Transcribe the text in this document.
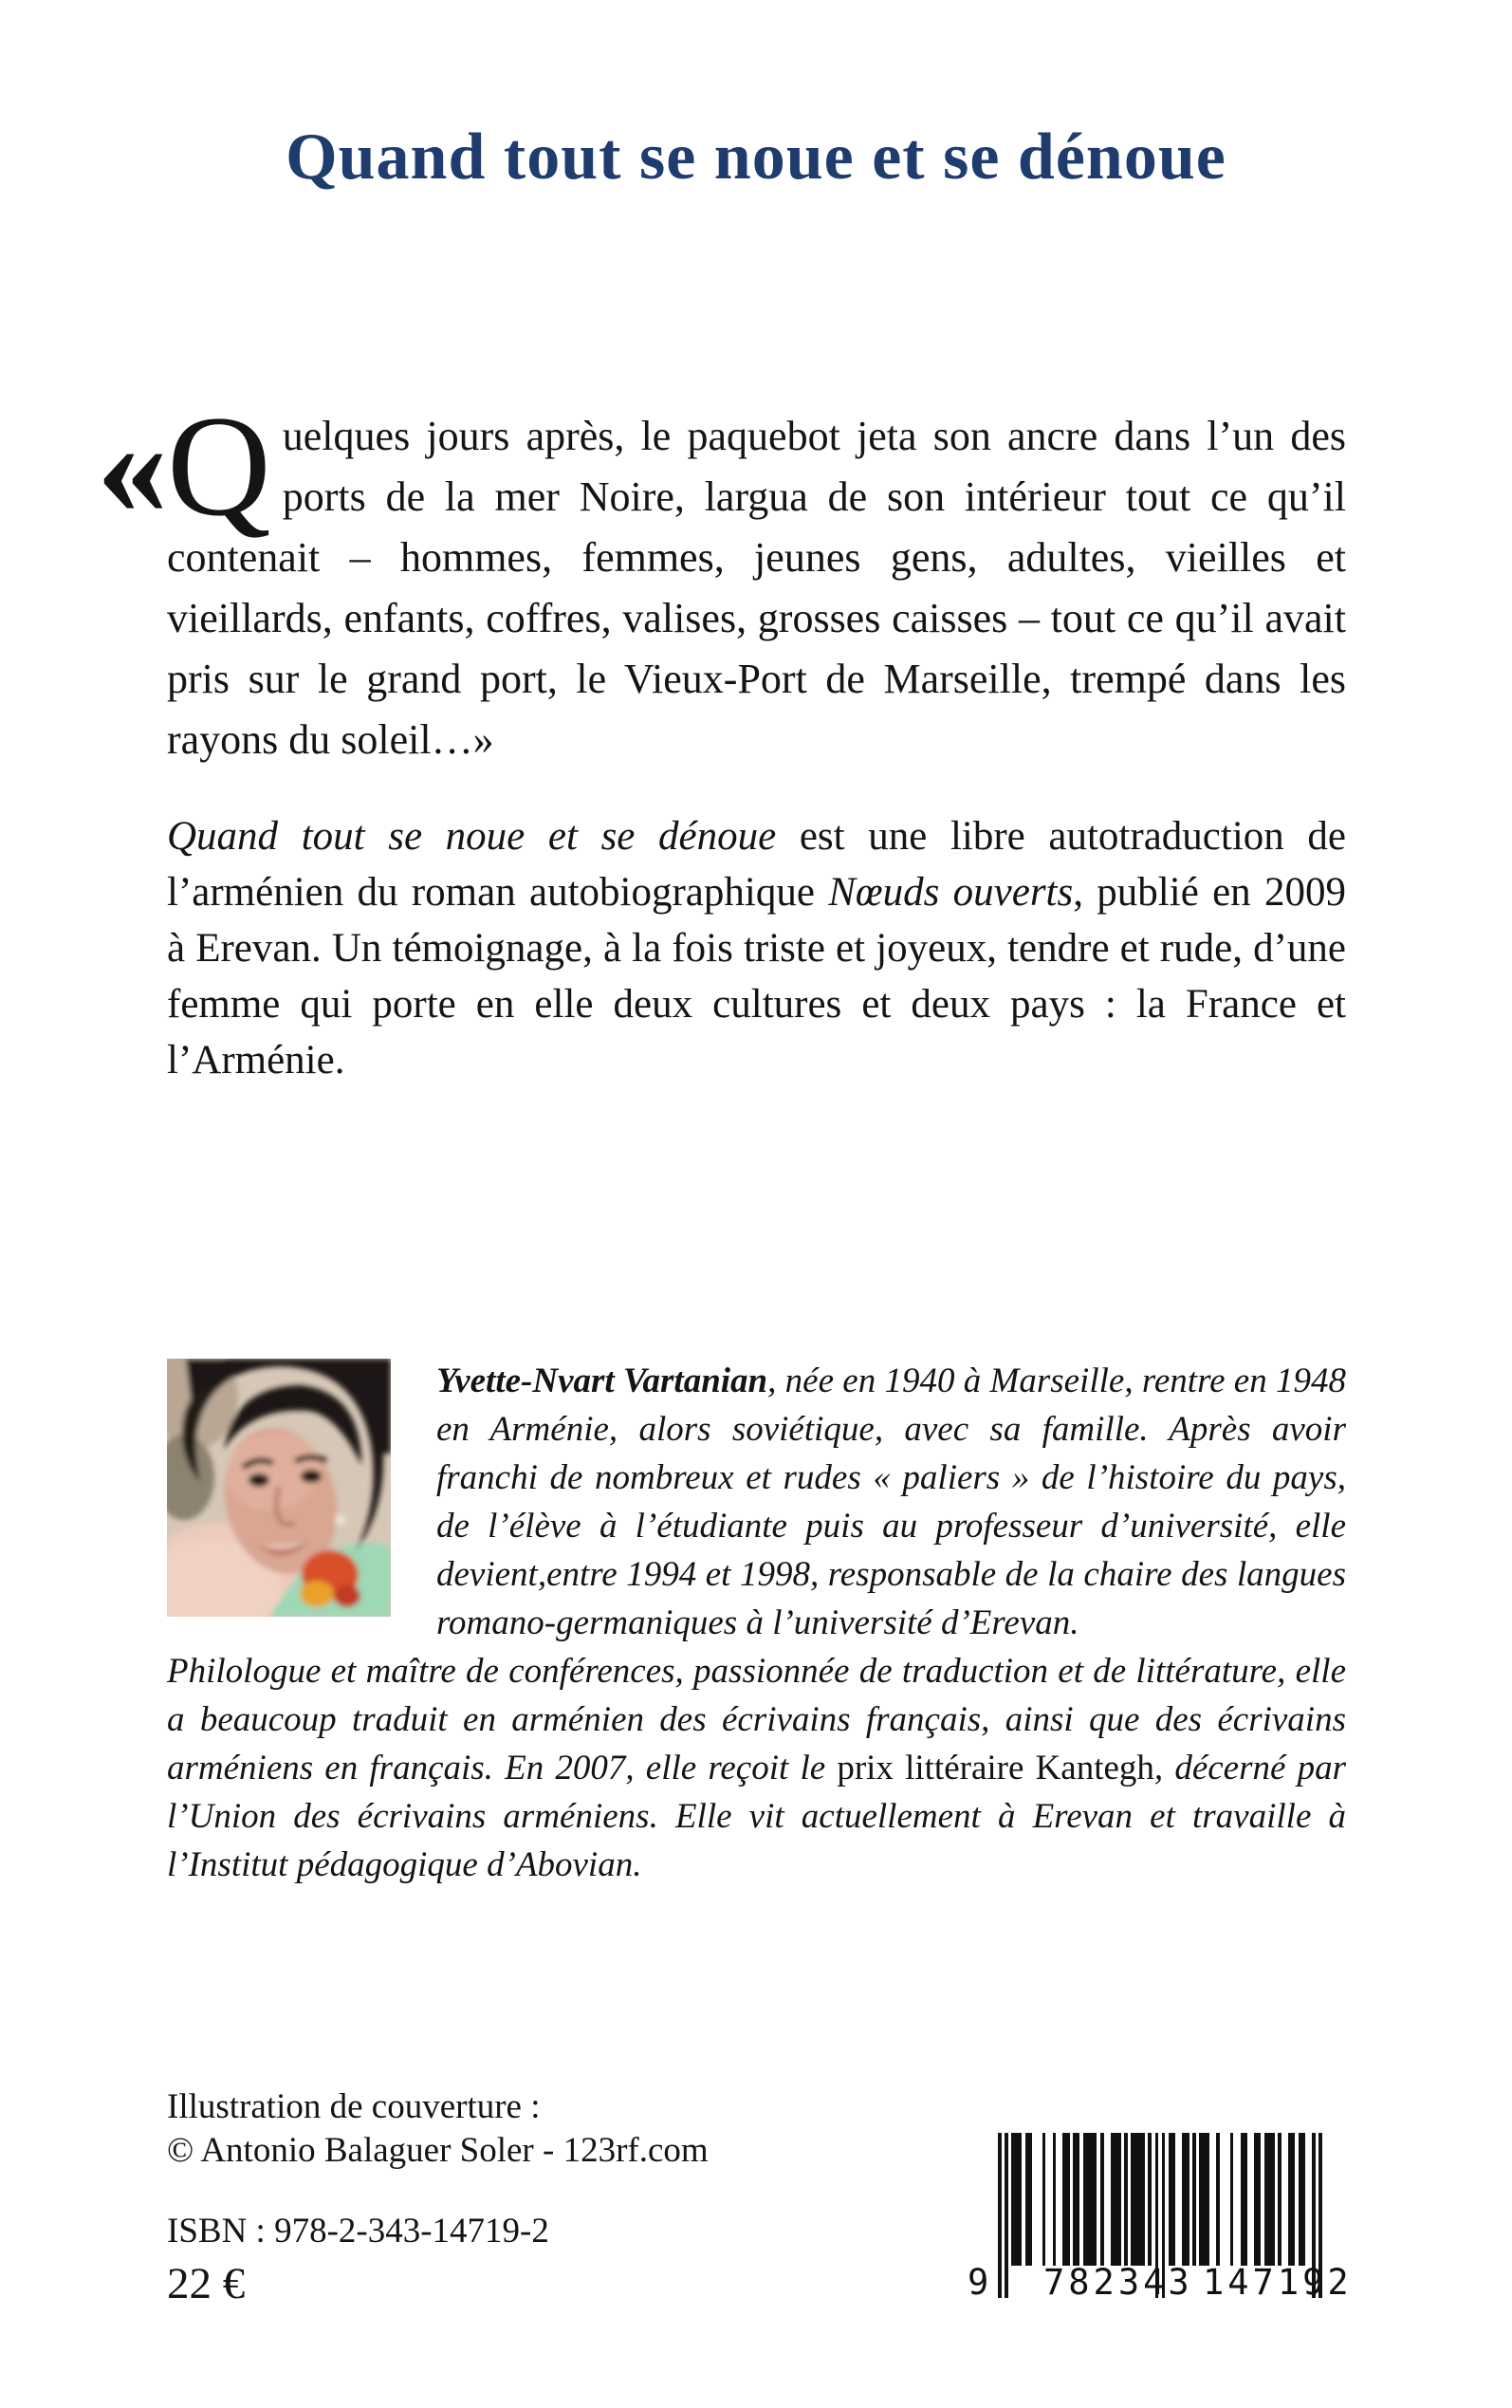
Quand tout se noue et se dénoue
« Q uelques jours après, le paquebot jeta son ancre dans l’un des ports de la mer Noire, largua de son intérieur tout ce qu’il contenait – hommes, femmes, jeunes gens, adultes, vieilles et vieillards, enfants, coffres, valises, grosses caisses – tout ce qu’il avait pris sur le grand port, le Vieux-Port de Marseille, trempé dans les rayons du soleil…»

Quand tout se noue et se dénoue est une libre autotraduction de l’arménien du roman autobiographique Nœuds ouverts, publié en 2009 à Erevan. Un témoignage, à la fois triste et joyeux, tendre et rude, d’une femme qui porte en elle deux cultures et deux pays : la France et l’Arménie.

Yvette-Nvart Vartanian, née en 1940 à Marseille, rentre en 1948 en Arménie, alors soviétique, avec sa famille. Après avoir franchi de nombreux et rudes « paliers » de l’histoire du pays, de l’élève à l’étudiante puis au professeur d’université, elle devient,entre 1994 et 1998, responsable de la chaire des langues romano-germaniques à l’université d’Erevan.

Philologue et maître de conférences, passionnée de traduction et de littérature, elle a beaucoup traduit en arménien des écrivains français, ainsi que des écrivains arméniens en français. En 2007, elle reçoit le prix littéraire Kantegh, décerné par l’Union des écrivains arméniens. Elle vit actuellement à Erevan et travaille à l’Institut pédagogique d’Abovian.

Illustration de couverture :
© Antonio Balaguer Soler - 123rf.com
ISBN : 978-2-343-14719-2
22 €	9 782343 147192
